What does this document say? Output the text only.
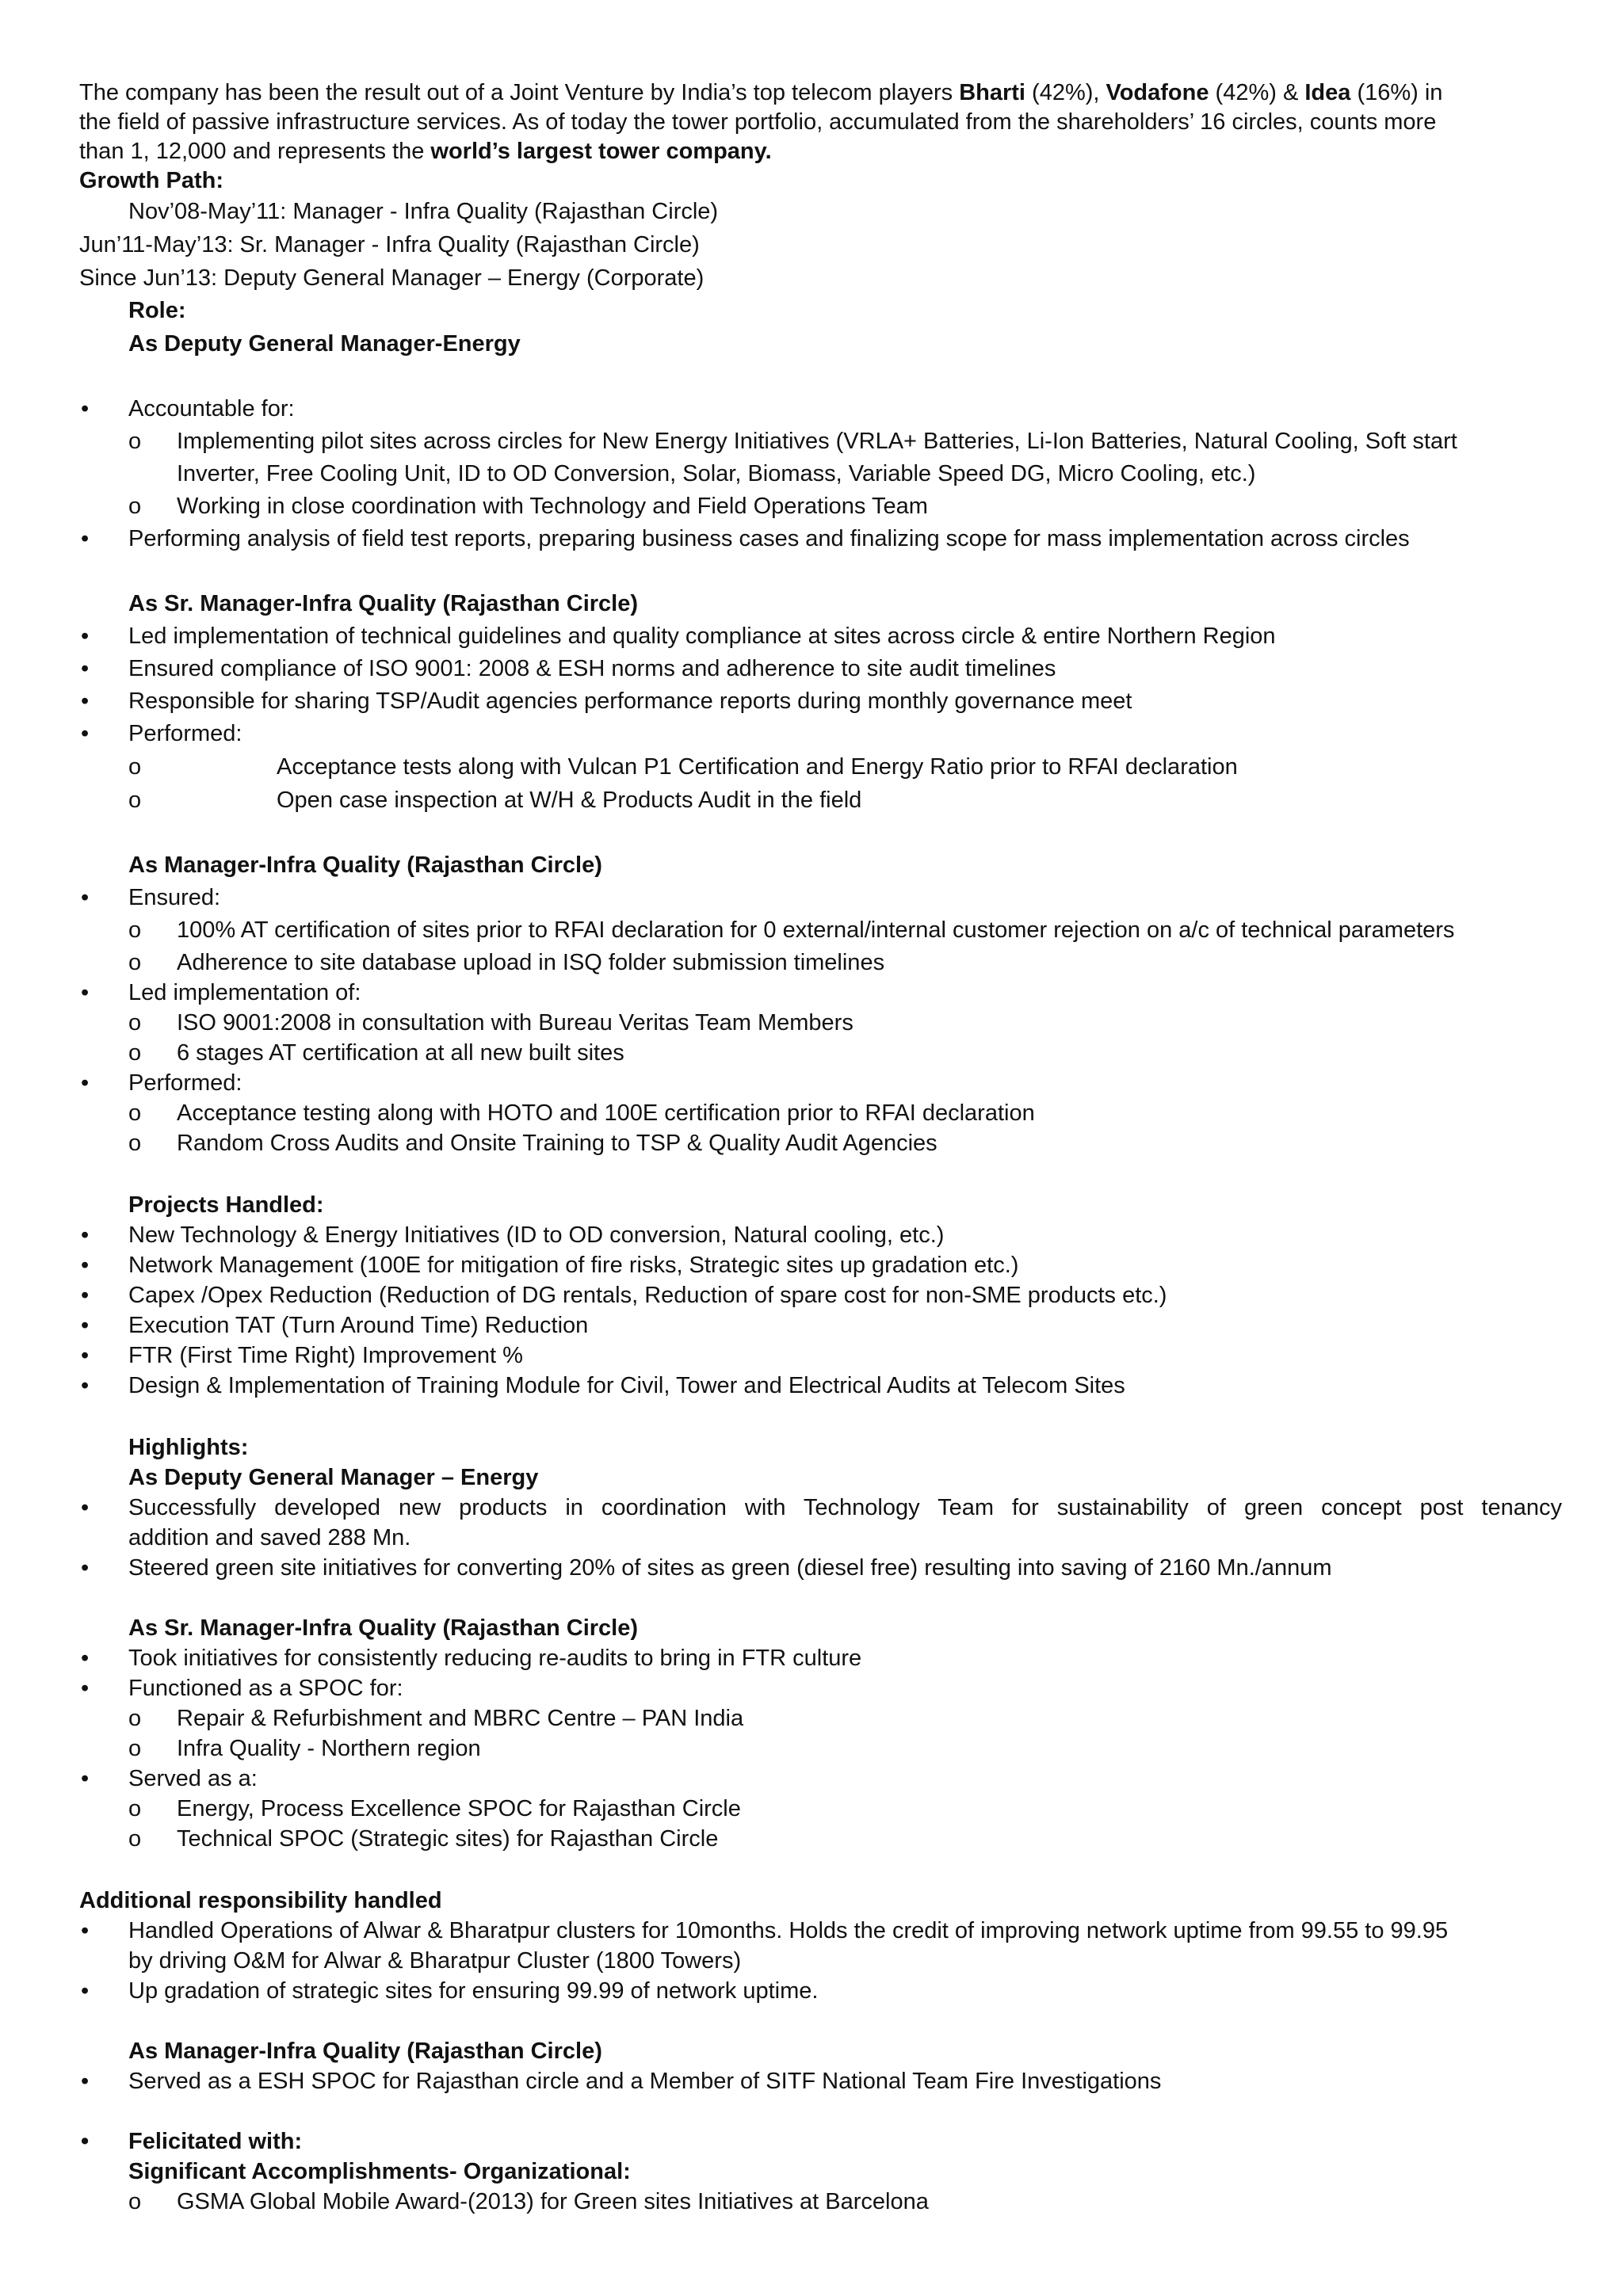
The company has been the result out of a Joint Venture by India’s top telecom players Bharti (42%), Vodafone (42%) & Idea (16%) in
the field of passive infrastructure services. As of today the tower portfolio, accumulated from the shareholders’ 16 circles, counts more
than 1, 12,000 and represents the world’s largest tower company.
Growth Path:
Nov’08-May’11: Manager - Infra Quality (Rajasthan Circle)
Jun’11-May’13: Sr. Manager - Infra Quality (Rajasthan Circle)
Since Jun’13: Deputy General Manager – Energy (Corporate)
Role:
As Deputy General Manager-Energy
• Accountable for:
o Implementing pilot sites across circles for New Energy Initiatives (VRLA+ Batteries, Li-Ion Batteries, Natural Cooling, Soft start
Inverter, Free Cooling Unit, ID to OD Conversion, Solar, Biomass, Variable Speed DG, Micro Cooling, etc.)
o Working in close coordination with Technology and Field Operations Team
• Performing analysis of field test reports, preparing business cases and finalizing scope for mass implementation across circles
As Sr. Manager-Infra Quality (Rajasthan Circle)
• Led implementation of technical guidelines and quality compliance at sites across circle & entire Northern Region
• Ensured compliance of ISO 9001: 2008 & ESH norms and adherence to site audit timelines
• Responsible for sharing TSP/Audit agencies performance reports during monthly governance meet
• Performed:
o Acceptance tests along with Vulcan P1 Certification and Energy Ratio prior to RFAI declaration
o Open case inspection at W/H & Products Audit in the field
As Manager-Infra Quality (Rajasthan Circle)
• Ensured:
o 100% AT certification of sites prior to RFAI declaration for 0 external/internal customer rejection on a/c of technical parameters
o Adherence to site database upload in ISQ folder submission timelines
• Led implementation of:
o ISO 9001:2008 in consultation with Bureau Veritas Team Members
o 6 stages AT certification at all new built sites
• Performed:
o Acceptance testing along with HOTO and 100E certification prior to RFAI declaration
o Random Cross Audits and Onsite Training to TSP & Quality Audit Agencies
Projects Handled:
• New Technology & Energy Initiatives (ID to OD conversion, Natural cooling, etc.)
• Network Management (100E for mitigation of fire risks, Strategic sites up gradation etc.)
• Capex /Opex Reduction (Reduction of DG rentals, Reduction of spare cost for non-SME products etc.)
• Execution TAT (Turn Around Time) Reduction
• FTR (First Time Right) Improvement %
• Design & Implementation of Training Module for Civil, Tower and Electrical Audits at Telecom Sites
Highlights:
As Deputy General Manager – Energy
• Successfully developed new products in coordination with Technology Team for sustainability of green concept post tenancy
addition and saved 288 Mn.
• Steered green site initiatives for converting 20% of sites as green (diesel free) resulting into saving of 2160 Mn./annum
As Sr. Manager-Infra Quality (Rajasthan Circle)
• Took initiatives for consistently reducing re-audits to bring in FTR culture
• Functioned as a SPOC for:
o Repair & Refurbishment and MBRC Centre – PAN India
o Infra Quality - Northern region
• Served as a:
o Energy, Process Excellence SPOC for Rajasthan Circle
o Technical SPOC (Strategic sites) for Rajasthan Circle
Additional responsibility handled
• Handled Operations of Alwar & Bharatpur clusters for 10months. Holds the credit of improving network uptime from 99.55 to 99.95
by driving O&M for Alwar & Bharatpur Cluster (1800 Towers)
• Up gradation of strategic sites for ensuring 99.99 of network uptime.
As Manager-Infra Quality (Rajasthan Circle)
• Served as a ESH SPOC for Rajasthan circle and a Member of SITF National Team Fire Investigations
• Felicitated with:
Significant Accomplishments- Organizational:
o GSMA Global Mobile Award-(2013) for Green sites Initiatives at Barcelona
